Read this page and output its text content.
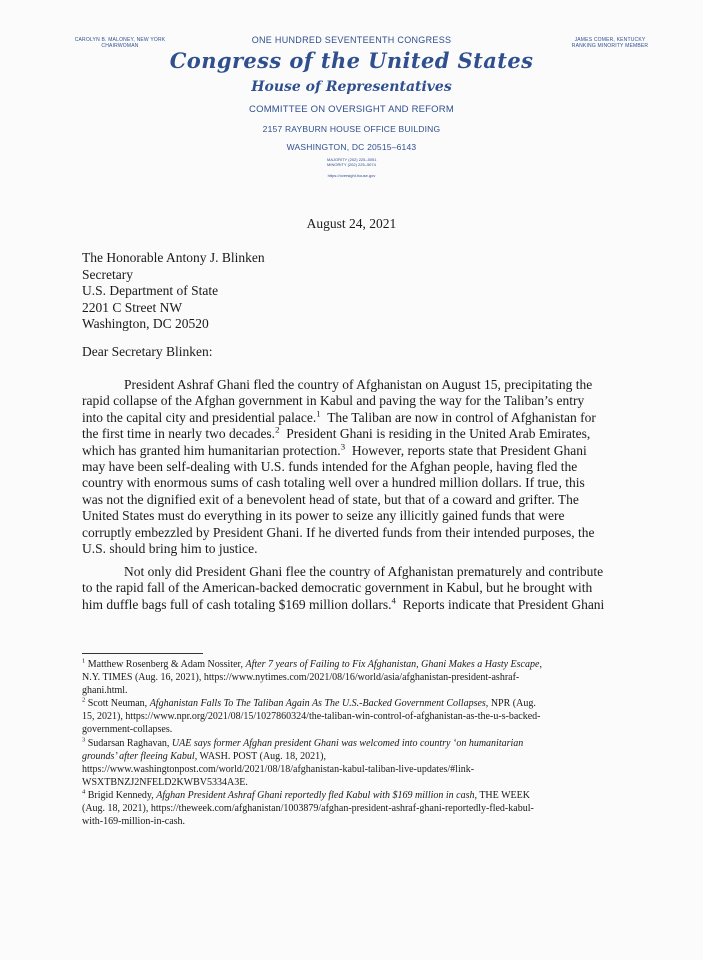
CAROLYN B. MALONEY, NEW YORK
CHAIRWOMAN
JAMES COMER, KENTUCKY
RANKING MINORITY MEMBER
ONE HUNDRED SEVENTEENTH CONGRESS
Congress of the United States
House of Representatives
COMMITTEE ON OVERSIGHT AND REFORM
2157 RAYBURN HOUSE OFFICE BUILDING
WASHINGTON, DC 20515–6143
MAJORITY (202) 225–5051
MINORITY (202) 225–5074
https://oversight.house.gov
August 24, 2021
The Honorable Antony J. Blinken
Secretary
U.S. Department of State
2201 C Street NW
Washington, DC 20520
Dear Secretary Blinken:
President Ashraf Ghani fled the country of Afghanistan on August 15, precipitating the
rapid collapse of the Afghan government in Kabul and paving the way for the Taliban’s entry
into the capital city and presidential palace.$^1$ The Taliban are now in control of Afghanistan for
the first time in nearly two decades.$^2$ President Ghani is residing in the United Arab Emirates,
which has granted him humanitarian protection.$^3$ However, reports state that President Ghani
may have been self-dealing with U.S. funds intended for the Afghan people, having fled the
country with enormous sums of cash totaling well over a hundred million dollars. If true, this
was not the dignified exit of a benevolent head of state, but that of a coward and grifter. The
United States must do everything in its power to seize any illicitly gained funds that were
corruptly embezzled by President Ghani. If he diverted funds from their intended purposes, the
U.S. should bring him to justice.
Not only did President Ghani flee the country of Afghanistan prematurely and contribute
to the rapid fall of the American-backed democratic government in Kabul, but he brought with
him duffle bags full of cash totaling $169 million dollars.$^4$ Reports indicate that President Ghani
$^1$ Matthew Rosenberg & Adam Nossiter, After 7 years of Failing to Fix Afghanistan, Ghani Makes a Hasty Escape,
N.Y. TIMES (Aug. 16, 2021), https://www.nytimes.com/2021/08/16/world/asia/afghanistan-president-ashraf-
ghani.html.
$^2$ Scott Neuman, Afghanistan Falls To The Taliban Again As The U.S.-Backed Government Collapses, NPR (Aug.
15, 2021), https://www.npr.org/2021/08/15/1027860324/the-taliban-win-control-of-afghanistan-as-the-u-s-backed-
government-collapses.
$^3$ Sudarsan Raghavan, UAE says former Afghan president Ghani was welcomed into country ‘on humanitarian
grounds’ after fleeing Kabul, WASH. POST (Aug. 18, 2021),
https://www.washingtonpost.com/world/2021/08/18/afghanistan-kabul-taliban-live-updates/#link-
WSXTBNZJ2NFELD2KWBV5334A3E.
$^4$ Brigid Kennedy, Afghan President Ashraf Ghani reportedly fled Kabul with $169 million in cash, THE WEEK
(Aug. 18, 2021), https://theweek.com/afghanistan/1003879/afghan-president-ashraf-ghani-reportedly-fled-kabul-
with-169-million-in-cash.
